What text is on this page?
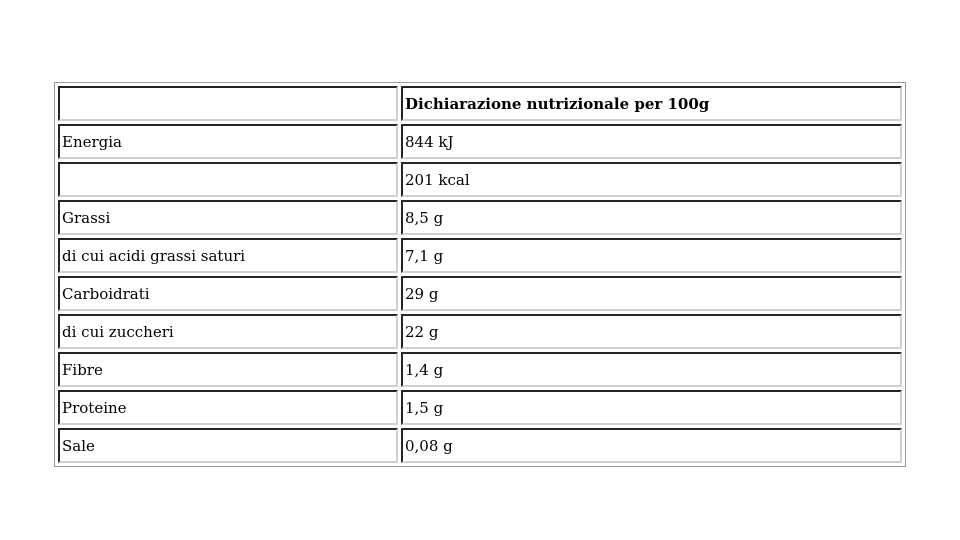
	Dichiarazione nutrizionale per 100g
Energia	844 kJ
	201 kcal
Grassi	8,5 g
di cui acidi grassi saturi	7,1 g
Carboidrati	29 g
di cui zuccheri	22 g
Fibre	1,4 g
Proteine	1,5 g
Sale	0,08 g
